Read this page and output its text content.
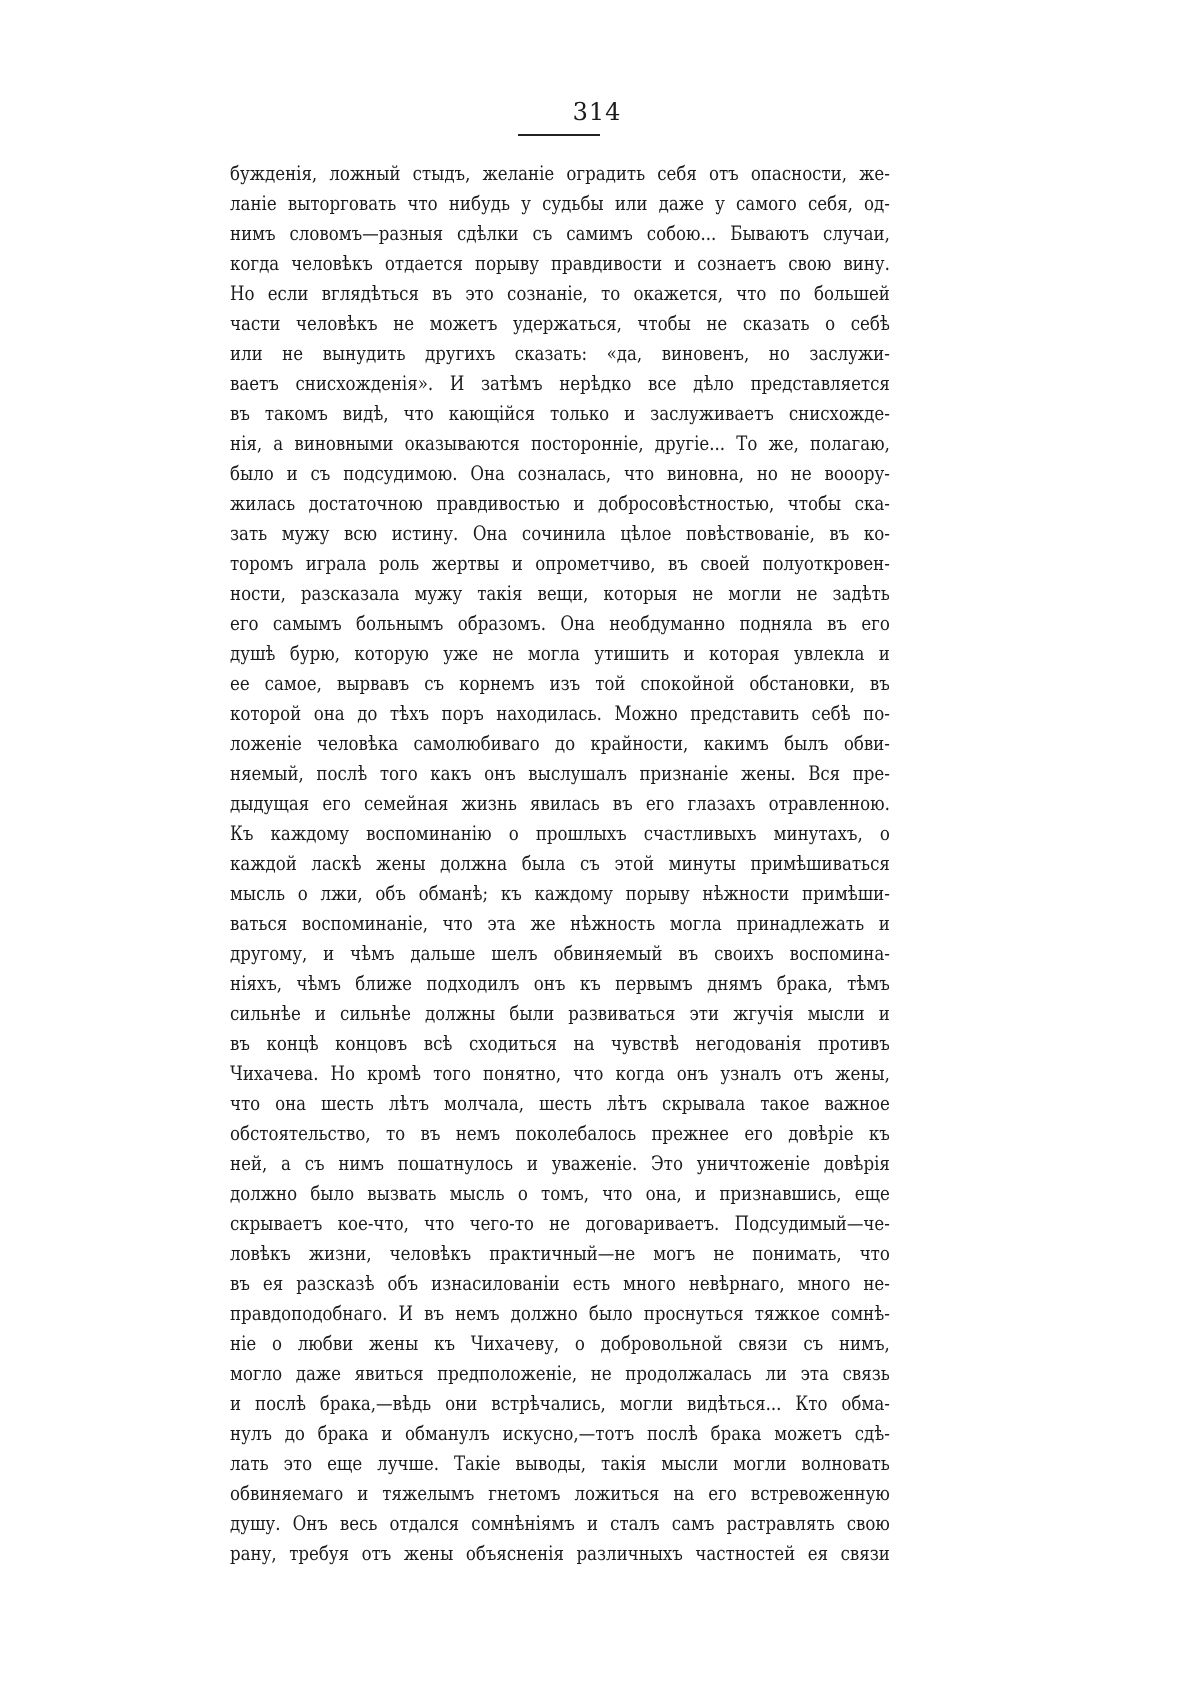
314
бужденія, ложный стыдъ, желаніе оградить себя отъ опасности, же-
ланіе выторговать что нибудь у судьбы или даже у самого себя, од-
нимъ словомъ—разныя сдѣлки съ самимъ собою... Бываютъ случаи,
когда человѣкъ отдается порыву правдивости и сознаетъ свою вину.
Но если вглядѣться въ это сознаніе, то окажется, что по большей
части человѣкъ не можетъ удержаться, чтобы не сказать о себѣ
или не вынудить другихъ сказать: «да, виновенъ, но заслужи-
ваетъ снисхожденія». И затѣмъ нерѣдко все дѣло представляется
въ такомъ видѣ, что кающійся только и заслуживаетъ снисхожде-
нія, а виновными оказываются посторонніе, другіе... То же, полагаю,
было и съ подсудимою. Она созналась, что виновна, но не вооору-
жилась достаточною правдивостью и добросовѣстностью, чтобы ска-
зать мужу всю истину. Она сочинила цѣлое повѣствованіе, въ ко-
торомъ играла роль жертвы и опрометчиво, въ своей полуоткровен-
ности, разсказала мужу такія вещи, которыя не могли не задѣть
его самымъ больнымъ образомъ. Она необдуманно подняла въ его
душѣ бурю, которую уже не могла утишить и которая увлекла и
ее самое, вырвавъ съ корнемъ изъ той спокойной обстановки, въ
которой она до тѣхъ поръ находилась. Можно представить себѣ по-
ложеніе человѣка самолюбиваго до крайности, какимъ былъ обви-
няемый, послѣ того какъ онъ выслушалъ признаніе жены. Вся пре-
дыдущая его семейная жизнь явилась въ его глазахъ отравленною.
Къ каждому воспоминанію о прошлыхъ счастливыхъ минутахъ, о
каждой ласкѣ жены должна была съ этой минуты примѣшиваться
мысль о лжи, объ обманѣ; къ каждому порыву нѣжности примѣши-
ваться воспоминаніе, что эта же нѣжность могла принадлежать и
другому, и чѣмъ дальше шелъ обвиняемый въ своихъ воспомина-
ніяхъ, чѣмъ ближе подходилъ онъ къ первымъ днямъ брака, тѣмъ
сильнѣе и сильнѣе должны были развиваться эти жгучія мысли и
въ концѣ концовъ всѣ сходиться на чувствѣ негодованія противъ
Чихачева. Но кромѣ того понятно, что когда онъ узналъ отъ жены,
что она шесть лѣтъ молчала, шесть лѣтъ скрывала такое важное
обстоятельство, то въ немъ поколебалось прежнее его довѣріе къ
ней, а съ нимъ пошатнулось и уваженіе. Это уничтоженіе довѣрія
должно было вызвать мысль о томъ, что она, и признавшись, еще
скрываетъ кое-что, что чего-то не договариваетъ. Подсудимый—че-
ловѣкъ жизни, человѣкъ практичный—не могъ не понимать, что
въ ея разсказѣ объ изнасилованіи есть много невѣрнаго, много не-
правдоподобнаго. И въ немъ должно было проснуться тяжкое сомнѣ-
ніе о любви жены къ Чихачеву, о добровольной связи съ нимъ,
могло даже явиться предположеніе, не продолжалась ли эта связь
и послѣ брака,—вѣдь они встрѣчались, могли видѣться... Кто обма-
нулъ до брака и обманулъ искусно,—тотъ послѣ брака можетъ сдѣ-
лать это еще лучше. Такіе выводы, такія мысли могли волновать
обвиняемаго и тяжелымъ гнетомъ ложиться на его встревоженную
душу. Онъ весь отдался сомнѣніямъ и сталъ самъ растравлять свою
рану, требуя отъ жены объясненія различныхъ частностей ея связи
